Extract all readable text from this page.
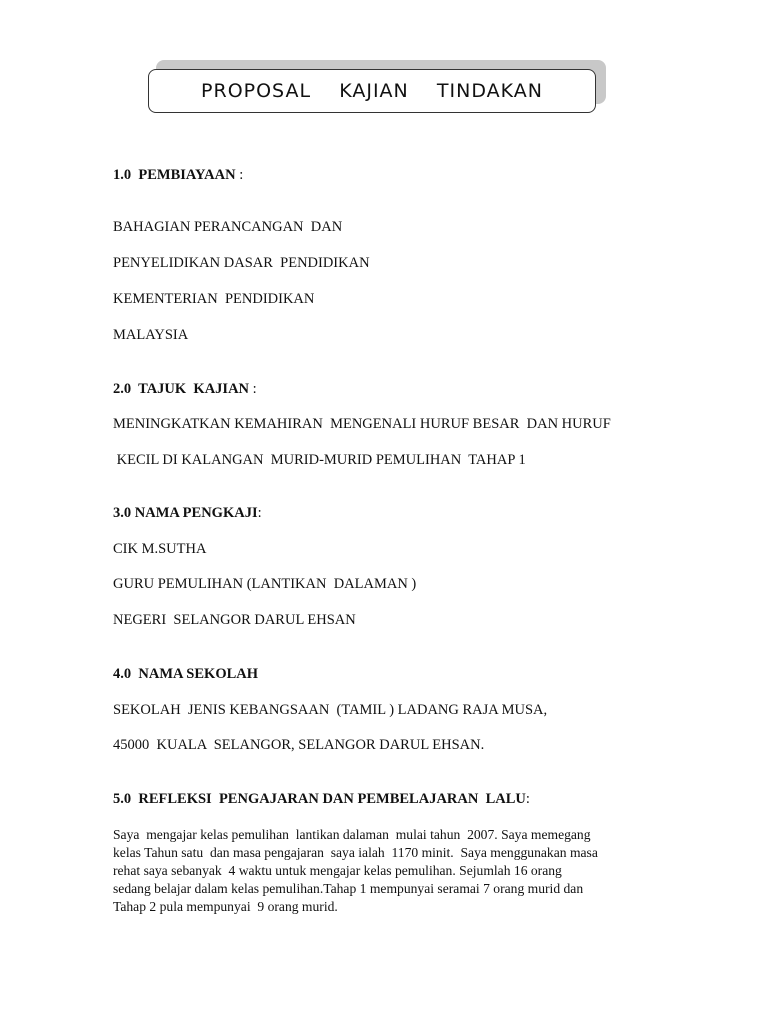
PROPOSAL    KAJIAN    TINDAKAN
1.0  PEMBIAYAAN :
BAHAGIAN PERANCANGAN  DAN
PENYELIDIKAN DASAR  PENDIDIKAN
KEMENTERIAN  PENDIDIKAN
MALAYSIA
2.0  TAJUK  KAJIAN :
MENINGKATKAN KEMAHIRAN  MENGENALI HURUF BESAR  DAN HURUF
KECIL DI KALANGAN  MURID-MURID PEMULIHAN  TAHAP 1
3.0 NAMA PENGKAJI:
CIK M.SUTHA
GURU PEMULIHAN (LANTIKAN  DALAMAN )
NEGERI  SELANGOR DARUL EHSAN
4.0  NAMA SEKOLAH
SEKOLAH  JENIS KEBANGSAAN  (TAMIL ) LADANG RAJA MUSA,
45000  KUALA  SELANGOR, SELANGOR DARUL EHSAN.
5.0  REFLEKSI  PENGAJARAN DAN PEMBELAJARAN  LALU:
Saya  mengajar kelas pemulihan  lantikan dalaman  mulai tahun  2007. Saya memegang
kelas Tahun satu  dan masa pengajaran  saya ialah  1170 minit.  Saya menggunakan masa
rehat saya sebanyak  4 waktu untuk mengajar kelas pemulihan. Sejumlah 16 orang
sedang belajar dalam kelas pemulihan.Tahap 1 mempunyai seramai 7 orang murid dan
Tahap 2 pula mempunyai  9 orang murid.
